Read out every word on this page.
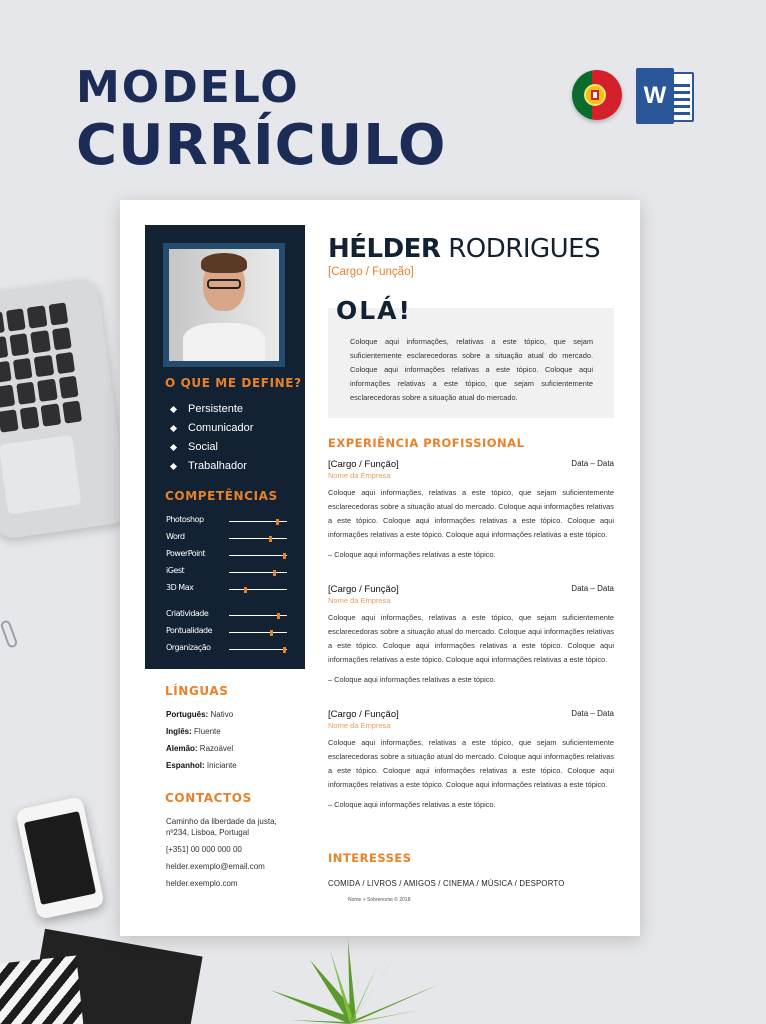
MODELO
CURRÍCULO
W
O QUE ME DEFINE?
Persistente
Comunicador
Social
Trabalhador
COMPETÊNCIAS
Photoshop
Word
PowerPoint
iGest
3D Max
Criatividade
Pontualidade
Organização
LÍNGUAS
Português: Nativo
Inglês: Fluente
Alemão: Razoável
Espanhol: Iniciante
CONTACTOS
Caminho da liberdade da justa, nº234, Lisboa, Portugal
[+351] 00 000 000 00
helder.exemplo@email.com
helder.exemplo.com
HÉLDER RODRIGUES
[Cargo / Função]
OLÁ!
Coloque aqui informações, relativas a este tópico, que sejam suficientemente esclarecedoras sobre a situação atual do mercado. Coloque aqui informações relativas a este tópico. Coloque aqui informações relativas a este tópico, que sejam suficientemente esclarecedoras sobre a situação atual do mercado.
EXPERIÊNCIA PROFISSIONAL
[Cargo / Função]	Data – Data
Nome da Empresa
Coloque aqui informações, relativas a este tópico, que sejam suficientemente esclarecedoras sobre a situação atual do mercado. Coloque aqui informações relativas a este tópico. Coloque aqui informações relativas a este tópico. Coloque aqui informações relativas a este tópico. Coloque aqui informações relativas a este tópico.
– Coloque aqui informações relativas a este tópico.
[Cargo / Função]	Data – Data
Nome da Empresa
Coloque aqui informações, relativas a este tópico, que sejam suficientemente esclarecedoras sobre a situação atual do mercado. Coloque aqui informações relativas a este tópico. Coloque aqui informações relativas a este tópico. Coloque aqui informações relativas a este tópico. Coloque aqui informações relativas a este tópico.
– Coloque aqui informações relativas a este tópico.
[Cargo / Função]	Data – Data
Nome da Empresa
Coloque aqui informações, relativas a este tópico, que sejam suficientemente esclarecedoras sobre a situação atual do mercado. Coloque aqui informações relativas a este tópico. Coloque aqui informações relativas a este tópico. Coloque aqui informações relativas a este tópico. Coloque aqui informações relativas a este tópico.
– Coloque aqui informações relativas a este tópico.
INTERESSES
COMIDA / LIVROS / AMIGOS / CINEMA / MÚSICA / DESPORTO
Nome + Sobrenome © 2018
